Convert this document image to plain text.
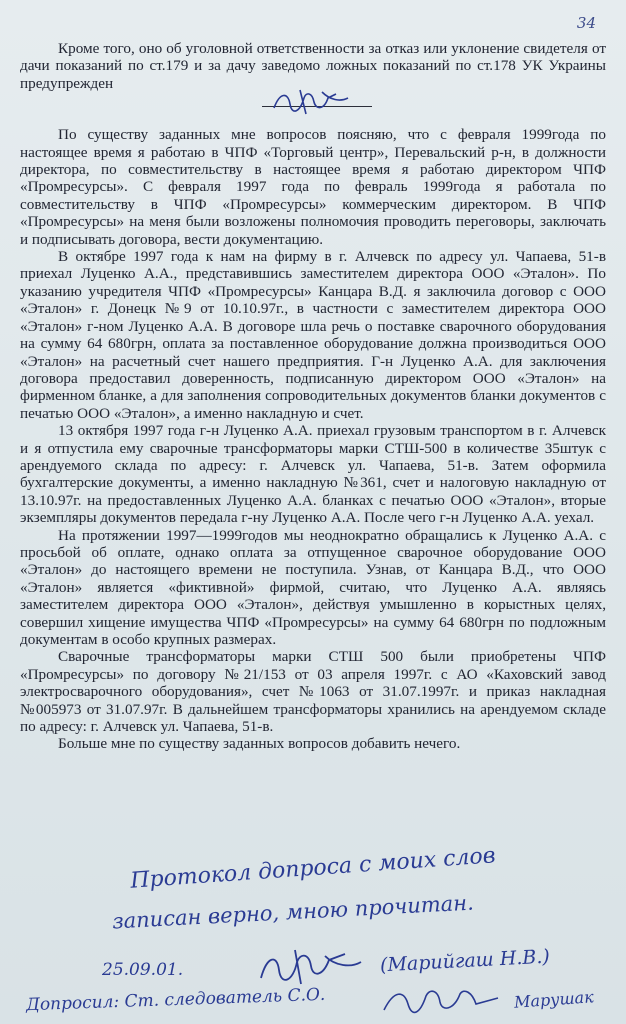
34

Кроме того, оно об уголовной ответственности за отказ или уклонение свидетеля от дачи показаний по ст.179 и за дачу заведомо ложных показаний по ст.178 УК Украины предупрежден

По существу заданных мне вопросов поясняю, что с февраля 1999года по настоящее время я работаю в ЧПФ «Торговый центр», Перевальский р-н, в должности директора, по совместительству в настоящее время я работаю директором ЧПФ «Промресурсы». С февраля 1997 года по февраль 1999года я работала по совместительству в ЧПФ «Промресурсы» коммерческим директором. В ЧПФ «Промресурсы» на меня были возложены полномочия проводить переговоры, заключать и подписывать договора, вести документацию.

В октябре 1997 года к нам на фирму в г. Алчевск по адресу ул. Чапаева, 51-в приехал Луценко А.А., представившись заместителем директора ООО «Эталон». По указанию учредителя ЧПФ «Промресурсы» Канцара В.Д. я заключила договор с ООО «Эталон» г. Донецк №9 от 10.10.97г., в частности с заместителем директора ООО «Эталон» г-ном Луценко А.А. В договоре шла речь о поставке сварочного оборудования на сумму 64 680грн, оплата за поставленное оборудование должна производиться ООО «Эталон» на расчетный счет нашего предприятия. Г-н Луценко А.А. для заключения договора предоставил доверенность, подписанную директором ООО «Эталон» на фирменном бланке, а для заполнения сопроводительных документов бланки документов с печатью ООО «Эталон», а именно накладную и счет.

13 октября 1997 года г-н Луценко А.А. приехал грузовым транспортом в г. Алчевск и я отпустила ему сварочные трансформаторы марки СТШ-500 в количестве 35штук с арендуемого склада по адресу: г. Алчевск ул. Чапаева, 51-в. Затем оформила бухгалтерские документы, а именно накладную №361, счет и налоговую накладную от 13.10.97г. на предоставленных Луценко А.А. бланках с печатью ООО «Эталон», вторые экземпляры документов передала г-ну Луценко А.А. После чего г-н Луценко А.А. уехал.

На протяжении 1997—1999годов мы неоднократно обращались к Луценко А.А. с просьбой об оплате, однако оплата за отпущенное сварочное оборудование ООО «Эталон» до настоящего времени не поступила. Узнав, от Канцара В.Д., что ООО «Эталон» является «фиктивной» фирмой, считаю, что Луценко А.А. являясь заместителем директора ООО «Эталон», действуя умышленно в корыстных целях, совершил хищение имущества ЧПФ «Промресурсы» на сумму 64 680грн по подложным документам в особо крупных размерах.

Сварочные трансформаторы марки СТШ 500 были приобретены ЧПФ «Промресурсы» по договору №21/153 от 03 апреля 1997г. с АО «Каховский завод электросварочного оборудования», счет №1063 от 31.07.1997г. и приказ накладная №005973 от 31.07.97г. В дальнейшем трансформаторы хранились на арендуемом складе по адресу: г. Алчевск ул. Чапаева, 51-в.

Больше мне по существу заданных вопросов добавить нечего.

Протокол допроса с моих слов
записан верно, мною прочитан.
25.09.01.	(Марийгаш Н.В.)
Допросил: Ст. следователь С.О.	Марушак
